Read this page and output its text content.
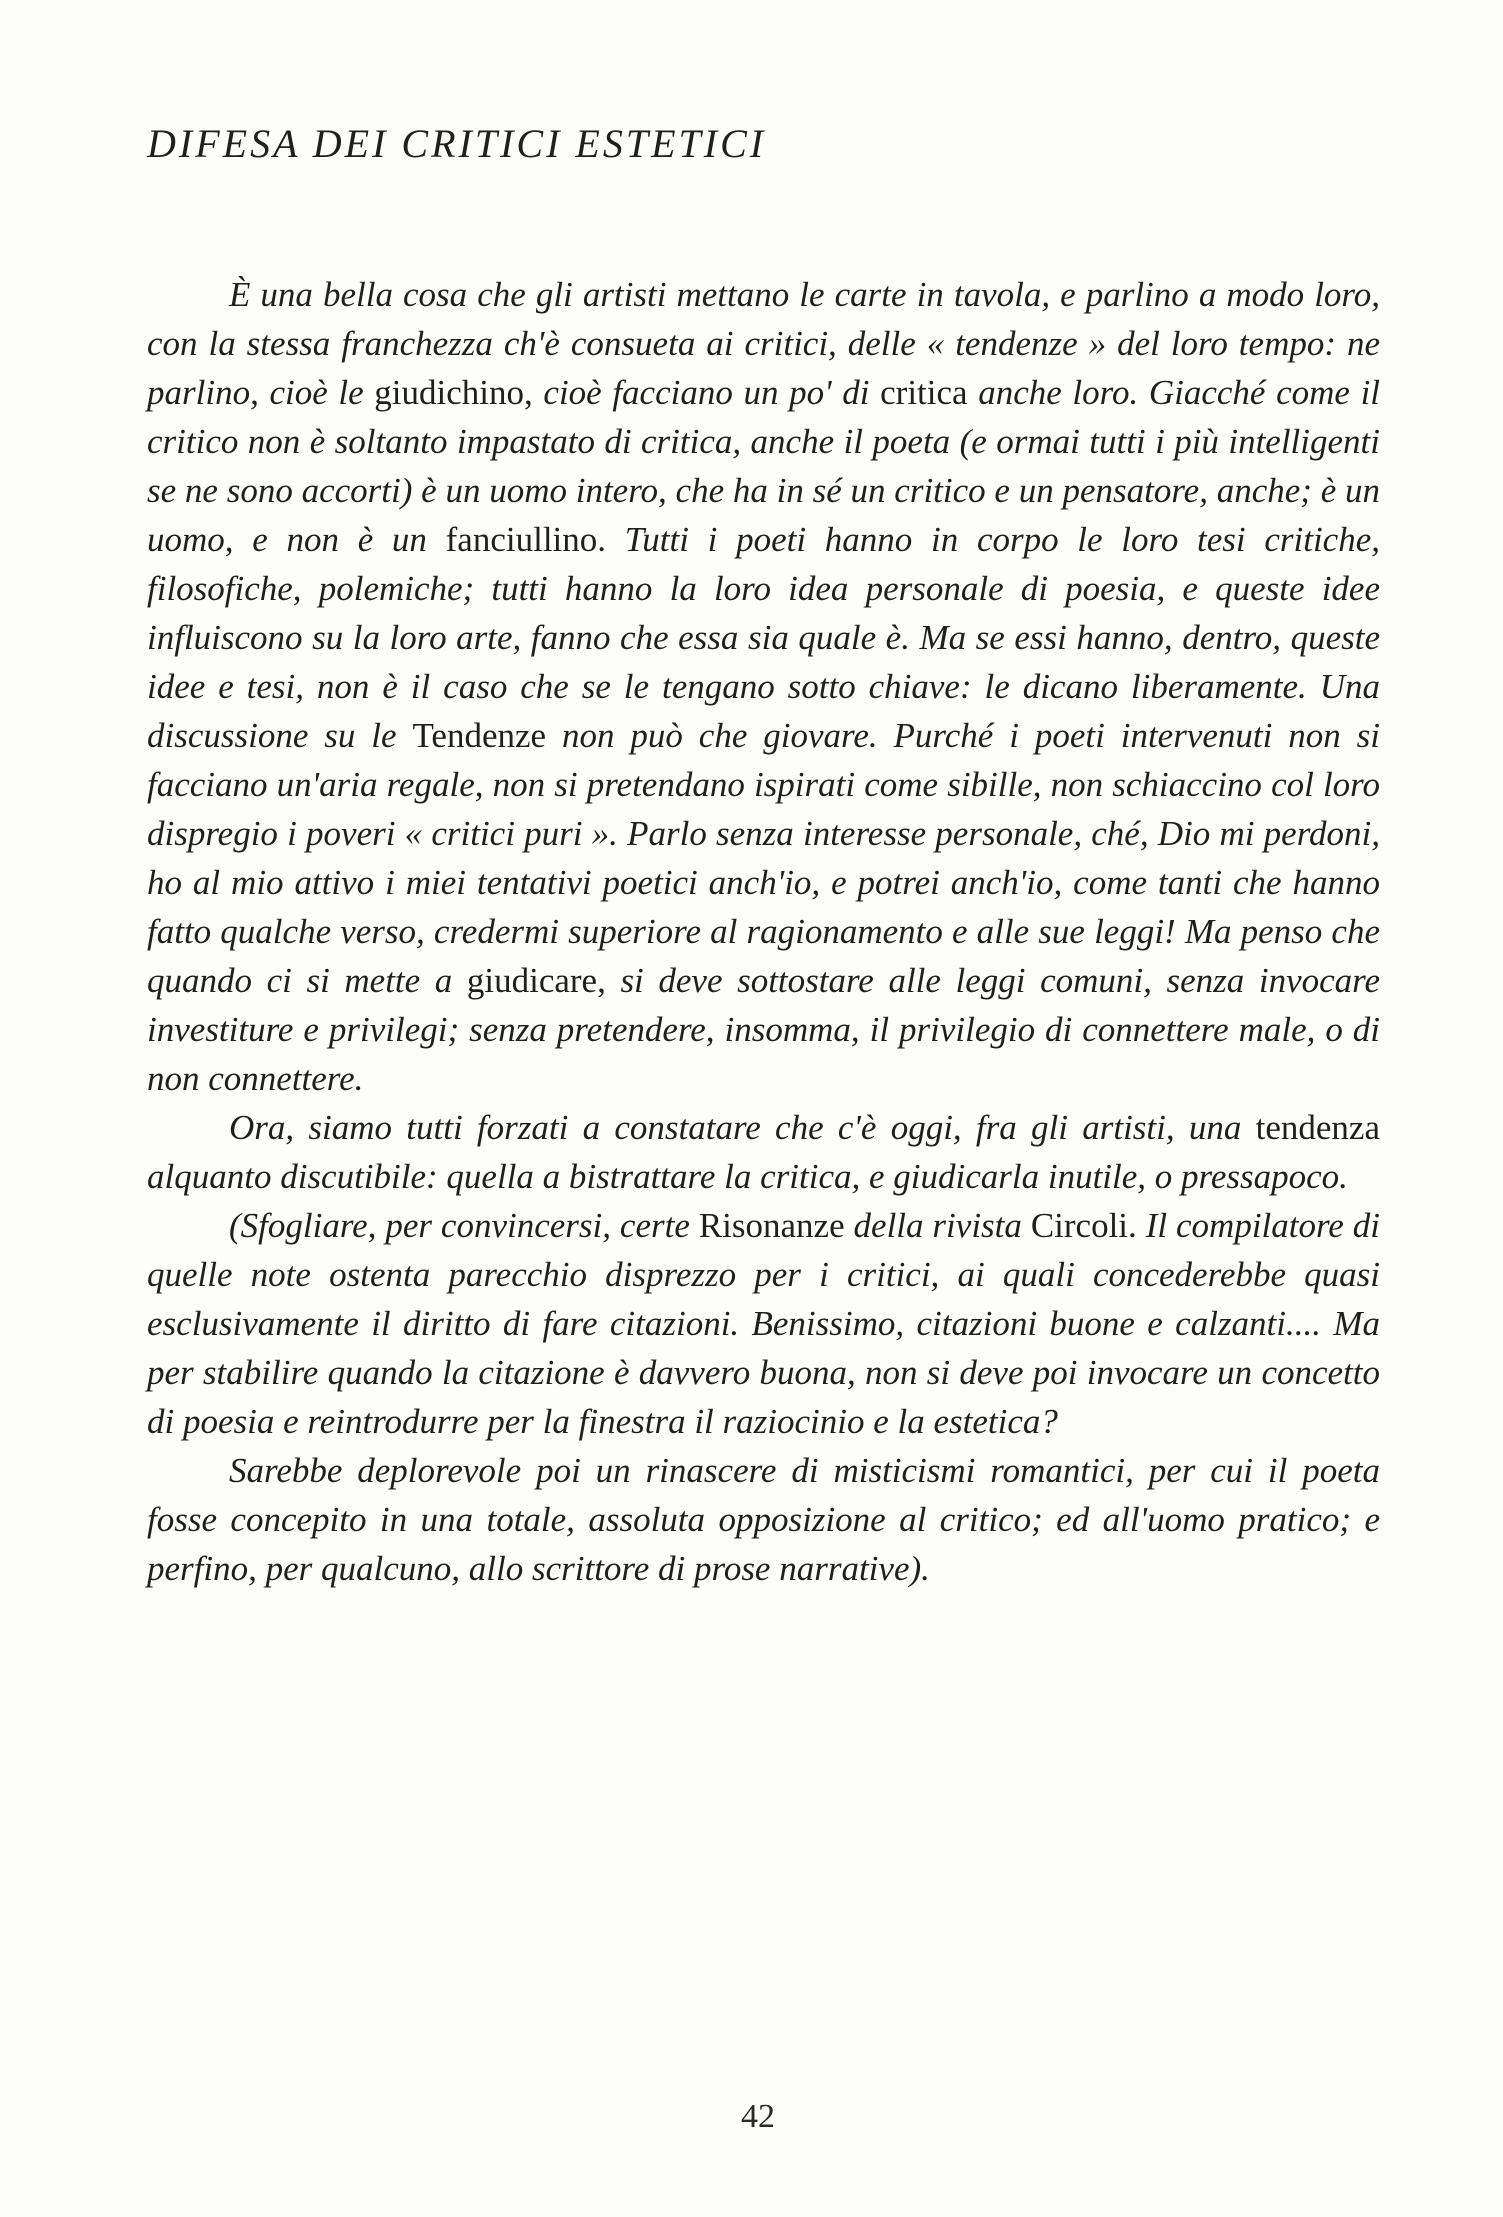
DIFESA DEI CRITICI ESTETICI

È una bella cosa che gli artisti mettano le carte in tavola, e parlino a modo loro, con la stessa franchezza ch'è consueta ai critici, delle « tendenze » del loro tempo: ne parlino, cioè le giudichino, cioè facciano un po' di critica anche loro. Giacché come il critico non è soltanto impastato di critica, anche il poeta (e ormai tutti i più intelligenti se ne sono accorti) è un uomo intero, che ha in sé un critico e un pensatore, anche; è un uomo, e non è un fanciullino. Tutti i poeti hanno in corpo le loro tesi critiche, filosofiche, polemiche; tutti hanno la loro idea personale di poesia, e queste idee influiscono su la loro arte, fanno che essa sia quale è. Ma se essi hanno, dentro, queste idee e tesi, non è il caso che se le tengano sotto chiave: le dicano liberamente. Una discussione su le Tendenze non può che giovare. Purché i poeti intervenuti non si facciano un'aria regale, non si pretendano ispirati come sibille, non schiaccino col loro dispregio i poveri « critici puri ». Parlo senza interesse personale, ché, Dio mi perdoni, ho al mio attivo i miei tentativi poetici anch'io, e potrei anch'io, come tanti che hanno fatto qualche verso, credermi superiore al ragionamento e alle sue leggi! Ma penso che quando ci si mette a giudicare, si deve sottostare alle leggi comuni, senza invocare investiture e privilegi; senza pretendere, insomma, il privilegio di connettere male, o di non connettere.

Ora, siamo tutti forzati a constatare che c'è oggi, fra gli artisti, una tendenza alquanto discutibile: quella a bistrattare la critica, e giudicarla inutile, o pressapoco.

(Sfogliare, per convincersi, certe Risonanze della rivista Circoli. Il compilatore di quelle note ostenta parecchio disprezzo per i critici, ai quali concederebbe quasi esclusivamente il diritto di fare citazioni. Benissimo, citazioni buone e calzanti.... Ma per stabilire quando la citazione è davvero buona, non si deve poi invocare un concetto di poesia e reintrodurre per la finestra il raziocinio e la estetica?

Sarebbe deplorevole poi un rinascere di misticismi romantici, per cui il poeta fosse concepito in una totale, assoluta opposizione al critico; ed all'uomo pratico; e perfino, per qualcuno, allo scrittore di prose narrative).

42
